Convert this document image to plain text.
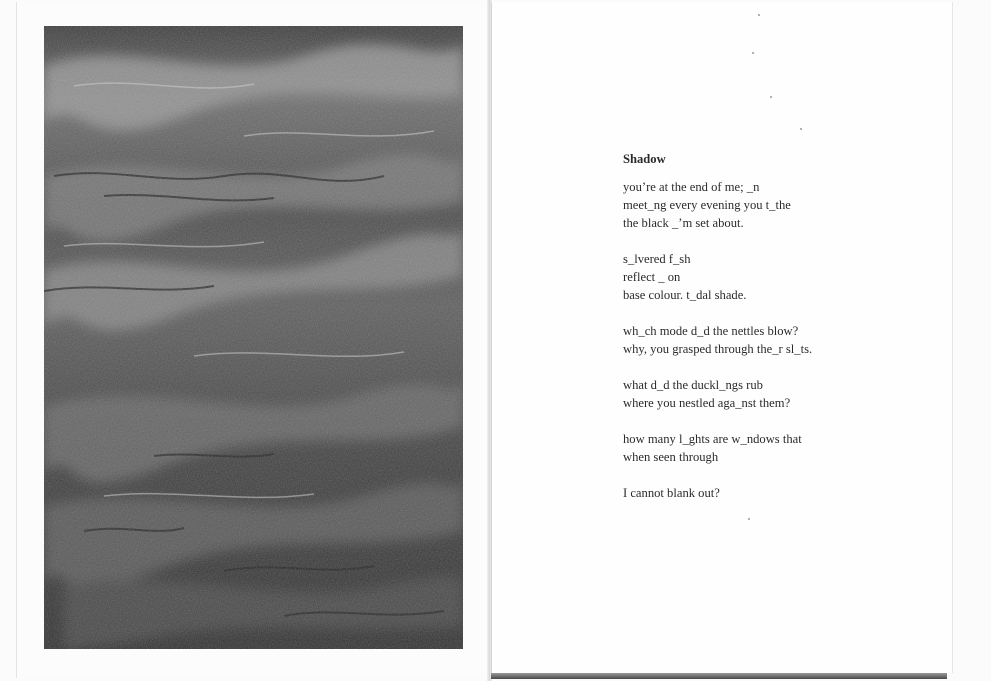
Shadow
you’re at the end of me; _n
meet_ng every evening you t_the
the black _’m set about.
s_lvered f_sh
reflect _ on
base colour. t_dal shade.
wh_ch mode d_d the nettles blow?
why, you grasped through the_r sl_ts.
what d_d the duckl_ngs rub
where you nestled aga_nst them?
how many l_ghts are w_ndows that
when seen through
I cannot blank out?
